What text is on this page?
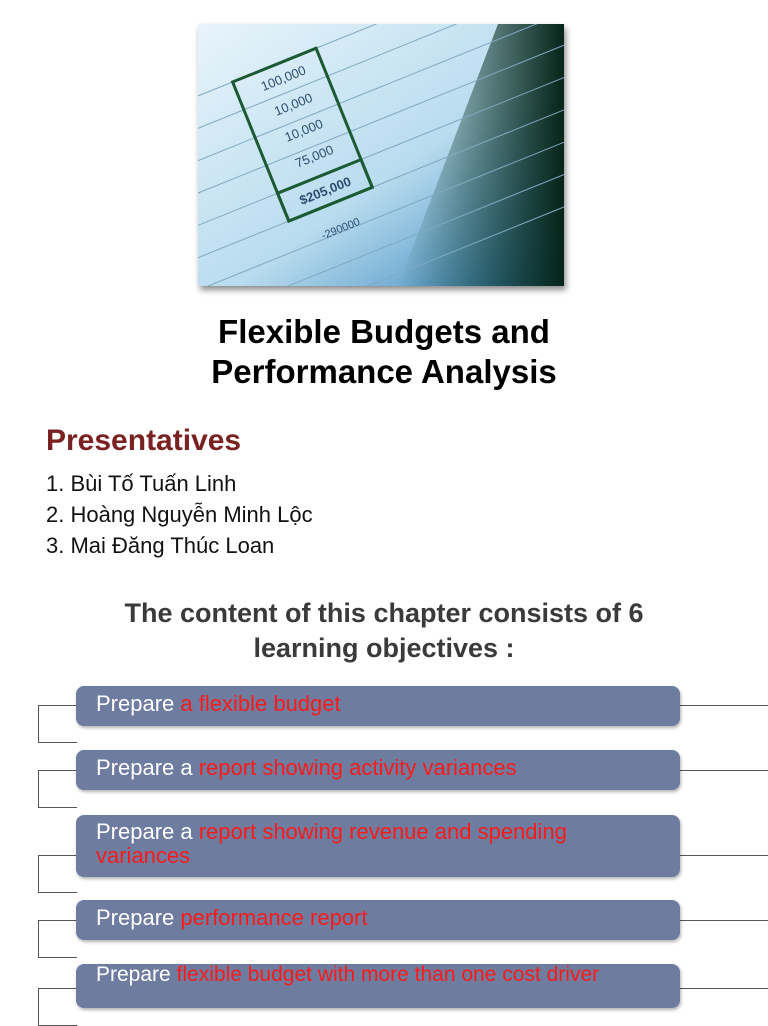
100,000
10,000
10,000
75,000
$205,000
-290000
Flexible Budgets and
Performance Analysis
Presentatives
1. Bùi Tố Tuấn Linh
2. Hoàng Nguyễn Minh Lộc
3. Mai Đăng Thúc Loan
The content of this chapter consists of 6
learning objectives :
Prepare a flexible budget
Prepare a report showing activity variances
Prepare a report showing revenue and spending variances
Prepare performance report
Prepare flexible budget with more than one cost driver
